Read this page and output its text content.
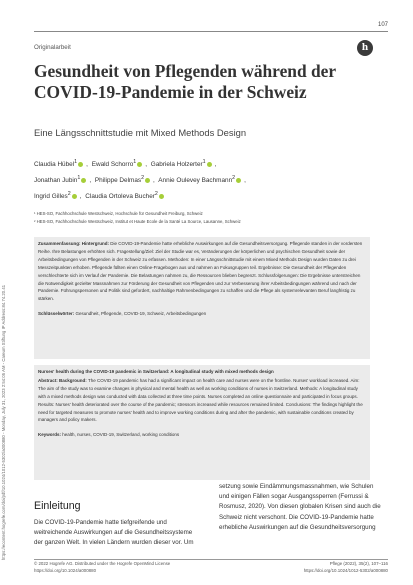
https://econtent.hogrefe.com/doi/pdf/10.1024/1012-5302/a000880 - Monday, July 31, 2023 2:54:05 AM - Careum Stiftung IP Address:84.74.20.41
107
Originalarbeit	h
Gesundheit von Pflegenden während der COVID-19-Pandemie in der Schweiz
Eine Längsschnittstudie mit Mixed Methods Design
Claudia Hübel$^1$ , Ewald Schorro$^1$ , Gabriela Holzerter$^1$ ,
Jonathan Jubin$^1$ , Philippe Delmas$^2$ , Annie Oulevey Bachmann$^2$ ,
Ingrid Gilles$^2$ , Claudia Ortoleva Bucher$^2$
¹ HES-SO, Fachhochschule Westschweiz, Hochschule für Gesundheit Freiburg, Schweiz
² HES-SO, Fachhochschule Westschweiz, Institut et Haute Ecole de la Santé La Source, Lausanne, Schweiz

Zusammenfassung: Hintergrund: Die COVID-19-Pandemie hatte erhebliche Auswirkungen auf die Gesundheitsversorgung. Pflegende standen in der vordersten Reihe. Ihre Belastungen erhöhten sich. Fragestellung/Ziel: Ziel der Studie war es, Veränderungen der körperlichen und psychischen Gesundheit sowie der Arbeitsbedingungen von Pflegenden in der Schweiz zu erfassen. Methoden: In einer Längsschnittstudie mit einem Mixed Methods Design wurden Daten zu drei Messzeitpunkten erhoben. Pflegende füllten einen Online-Fragebogen aus und nahmen an Fokusgruppen teil. Ergebnisse: Die Gesundheit der Pflegenden verschlechterte sich im Verlauf der Pandemie. Die Belastungen nahmen zu, die Ressourcen blieben begrenzt. Schlussfolgerungen: Die Ergebnisse unterstreichen die Notwendigkeit gezielter Massnahmen zur Förderung der Gesundheit von Pflegenden und zur Verbesserung ihrer Arbeitsbedingungen während und nach der Pandemie. Führungspersonen und Politik sind gefordert, nachhaltige Rahmenbedingungen zu schaffen und die Pflege als systemrelevanten Beruf langfristig zu stärken.

Schlüsselwörter: Gesundheit, Pflegende, COVID-19, Schweiz, Arbeitsbedingungen

Nurses' health during the COVID-19 pandemic in Switzerland: A longitudinal study with mixed methods design

Abstract: Background: The COVID-19 pandemic has had a significant impact on health care and nurses were on the frontline. Nurses' workload increased. Aim: The aim of the study was to examine changes in physical and mental health as well as working conditions of nurses in Switzerland. Methods: A longitudinal study with a mixed methods design was conducted with data collected at three time points. Nurses completed an online questionnaire and participated in focus groups. Results: Nurses' health deteriorated over the course of the pandemic; stressors increased while resources remained limited. Conclusions: The findings highlight the need for targeted measures to promote nurses' health and to improve working conditions during and after the pandemic, with sustainable conditions created by managers and policy makers.

Keywords: health, nurses, COVID-19, Switzerland, working conditions

Einleitung

Die COVID-19-Pandemie hatte tiefgreifende und weitreichende Auswirkungen auf die Gesundheitssysteme der ganzen Welt. In vielen Ländern wurden dieser vor. Um

setzung sowie Eindämmungsmassnahmen, wie Schulen und einigen Fällen sogar Ausgangssperren (Ferrussi & Rosmusz, 2020). Von diesen globalen Krisen sind auch die Schweiz nicht verschont. Die COVID-19-Pandemie hatte erhebliche Auswirkungen auf die Gesundheitsversorgung

© 2022 Hogrefe AG. Distributed under the Hogrefe OpenMind License
https://doi.org/10.1024/a000880
Pflege (2022), 35(2), 107–116
https://doi.org/10.1024/1012-5302/a000880
